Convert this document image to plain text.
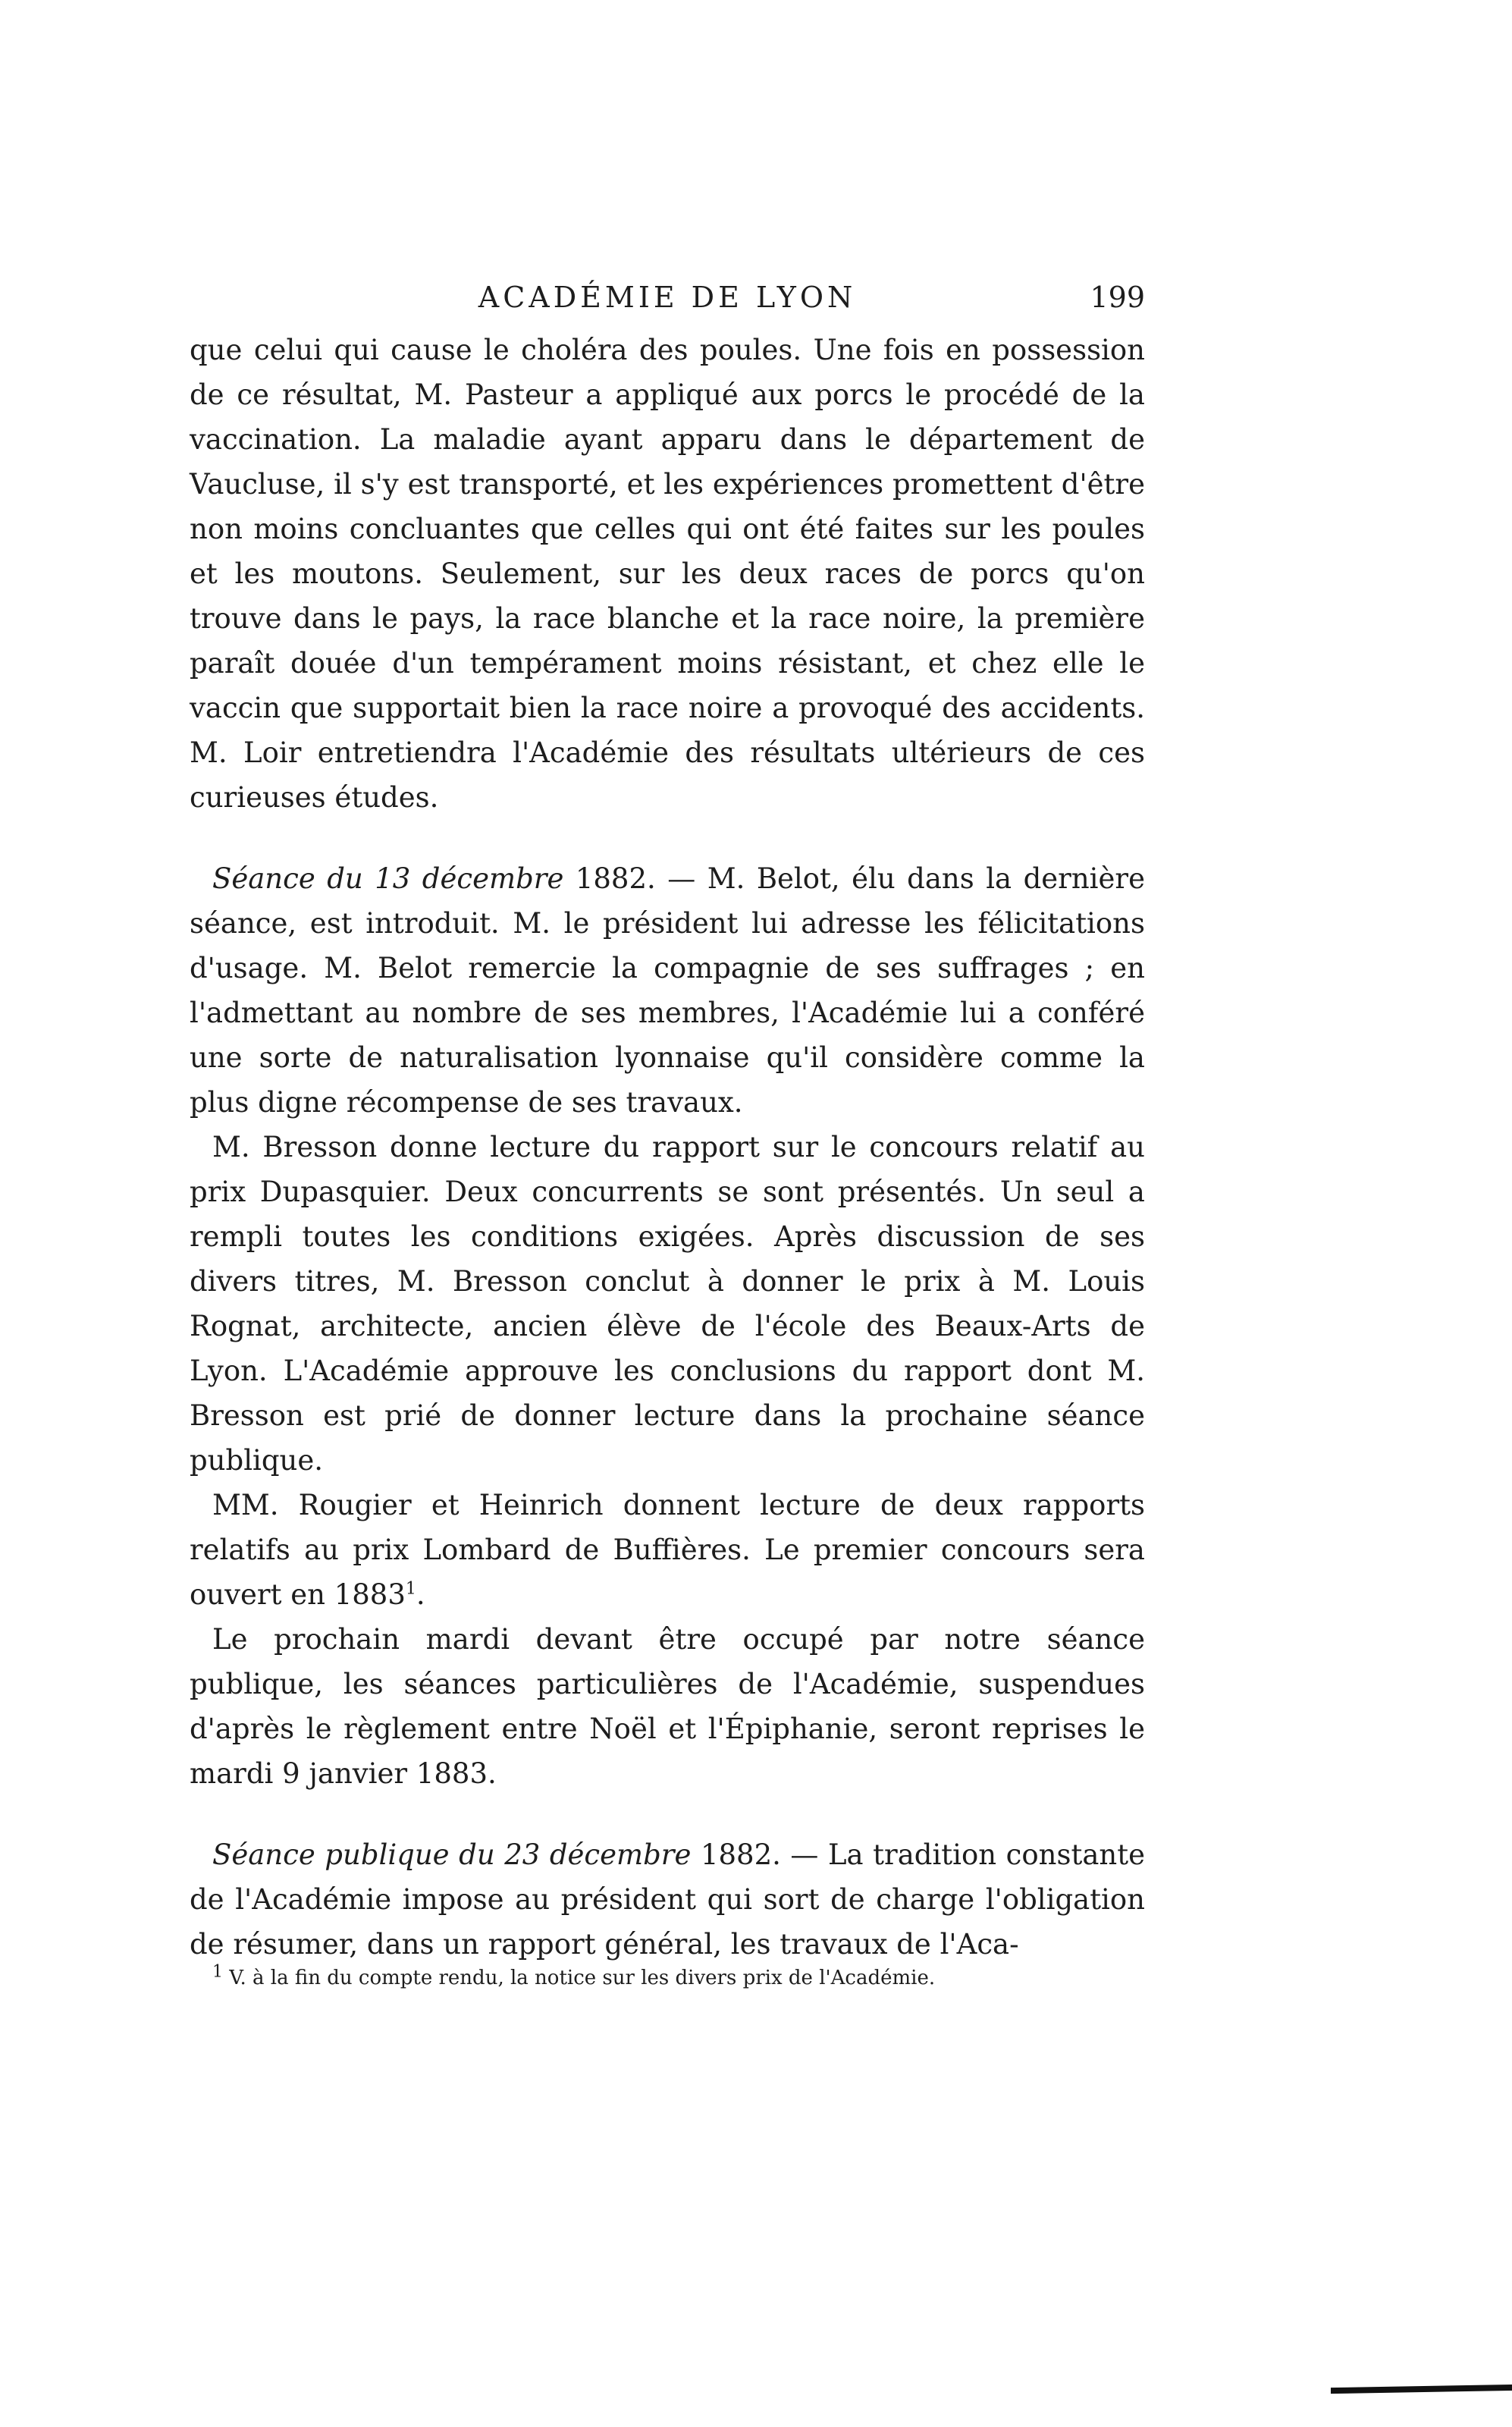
ACADÉMIE DE LYON	199

que celui qui cause le choléra des poules. Une fois en possession de ce résultat, M. Pasteur a appliqué aux porcs le procédé de la vaccination. La maladie ayant apparu dans le département de Vaucluse, il s'y est transporté, et les expériences promettent d'être non moins concluantes que celles qui ont été faites sur les poules et les moutons. Seulement, sur les deux races de porcs qu'on trouve dans le pays, la race blanche et la race noire, la première paraît douée d'un tempérament moins résistant, et chez elle le vaccin que supportait bien la race noire a provoqué des accidents. M. Loir entretiendra l'Académie des résultats ultérieurs de ces curieuses études.

Séance du 13 décembre 1882. — M. Belot, élu dans la dernière séance, est introduit. M. le président lui adresse les félicitations d'usage. M. Belot remercie la compagnie de ses suffrages ; en l'admettant au nombre de ses membres, l'Académie lui a conféré une sorte de naturalisation lyonnaise qu'il considère comme la plus digne récompense de ses travaux.

M. Bresson donne lecture du rapport sur le concours relatif au prix Dupasquier. Deux concurrents se sont présentés. Un seul a rempli toutes les conditions exigées. Après discussion de ses divers titres, M. Bresson conclut à donner le prix à M. Louis Rognat, architecte, ancien élève de l'école des Beaux-Arts de Lyon. L'Académie approuve les conclusions du rapport dont M. Bresson est prié de donner lecture dans la prochaine séance publique.

MM. Rougier et Heinrich donnent lecture de deux rapports relatifs au prix Lombard de Buffières. Le premier concours sera ouvert en 1883$^1$.

Le prochain mardi devant être occupé par notre séance publique, les séances particulières de l'Académie, suspendues d'après le règlement entre Noël et l'Épiphanie, seront reprises le mardi 9 janvier 1883.

Séance publique du 23 décembre 1882. — La tradition constante de l'Académie impose au président qui sort de charge l'obligation de résumer, dans un rapport général, les travaux de l'Aca-

$^1$ V. à la fin du compte rendu, la notice sur les divers prix de l'Académie.
